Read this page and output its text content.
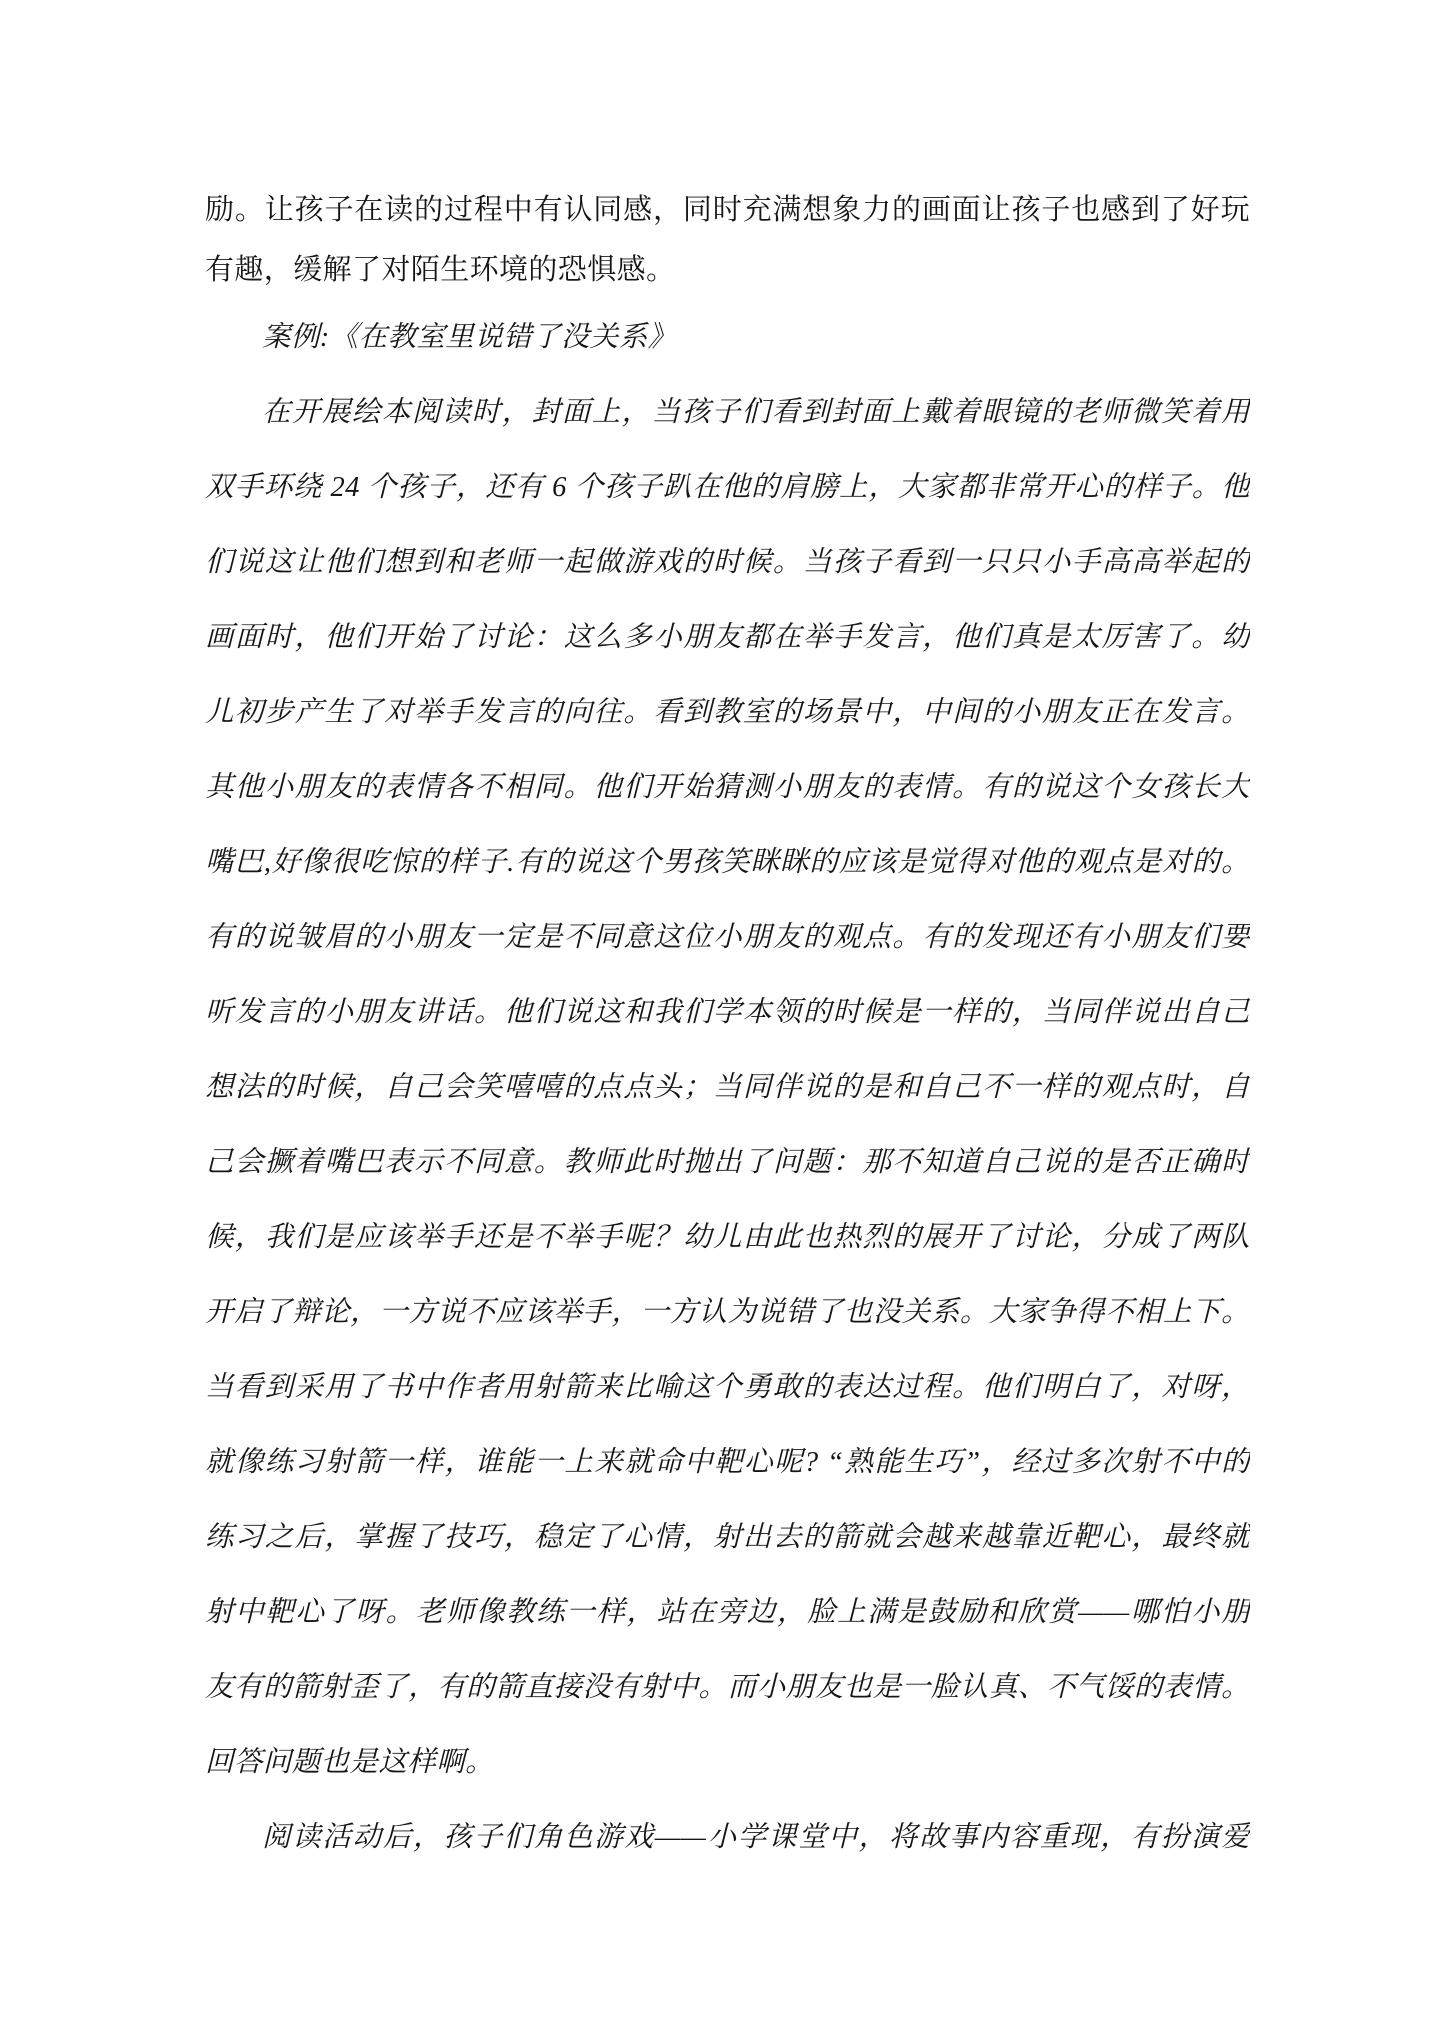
励。让孩子在读的过程中有认同感，同时充满想象力的画面让孩子也感到了好玩
有趣，缓解了对陌生环境的恐惧感。
案例:《在教室里说错了没关系》
在开展绘本阅读时，封面上，当孩子们看到封面上戴着眼镜的老师微笑着用
双手环绕 24 个孩子，还有 6 个孩子趴在他的肩膀上，大家都非常开心的样子。他
们说这让他们想到和老师一起做游戏的时候。当孩子看到一只只小手高高举起的
画面时，他们开始了讨论：这么多小朋友都在举手发言，他们真是太厉害了。幼
儿初步产生了对举手发言的向往。看到教室的场景中，中间的小朋友正在发言。
其他小朋友的表情各不相同。他们开始猜测小朋友的表情。有的说这个女孩长大
嘴巴,好像很吃惊的样子.有的说这个男孩笑眯眯的应该是觉得对他的观点是对的。
有的说皱眉的小朋友一定是不同意这位小朋友的观点。有的发现还有小朋友们要
听发言的小朋友讲话。他们说这和我们学本领的时候是一样的，当同伴说出自己
想法的时候，自己会笑嘻嘻的点点头；当同伴说的是和自己不一样的观点时，自
己会撅着嘴巴表示不同意。教师此时抛出了问题：那不知道自己说的是否正确时
候，我们是应该举手还是不举手呢？幼儿由此也热烈的展开了讨论，分成了两队
开启了辩论，一方说不应该举手，一方认为说错了也没关系。大家争得不相上下。
当看到采用了书中作者用射箭来比喻这个勇敢的表达过程。他们明白了，对呀，
就像练习射箭一样，谁能一上来就命中靶心呢? “熟能生巧”，经过多次射不中的
练习之后，掌握了技巧，稳定了心情，射出去的箭就会越来越靠近靶心，最终就
射中靶心了呀。老师像教练一样，站在旁边，脸上满是鼓励和欣赏——哪怕小朋
友有的箭射歪了，有的箭直接没有射中。而小朋友也是一脸认真、不气馁的表情。
回答问题也是这样啊。
阅读活动后，孩子们角色游戏——小学课堂中，将故事内容重现，有扮演爱
